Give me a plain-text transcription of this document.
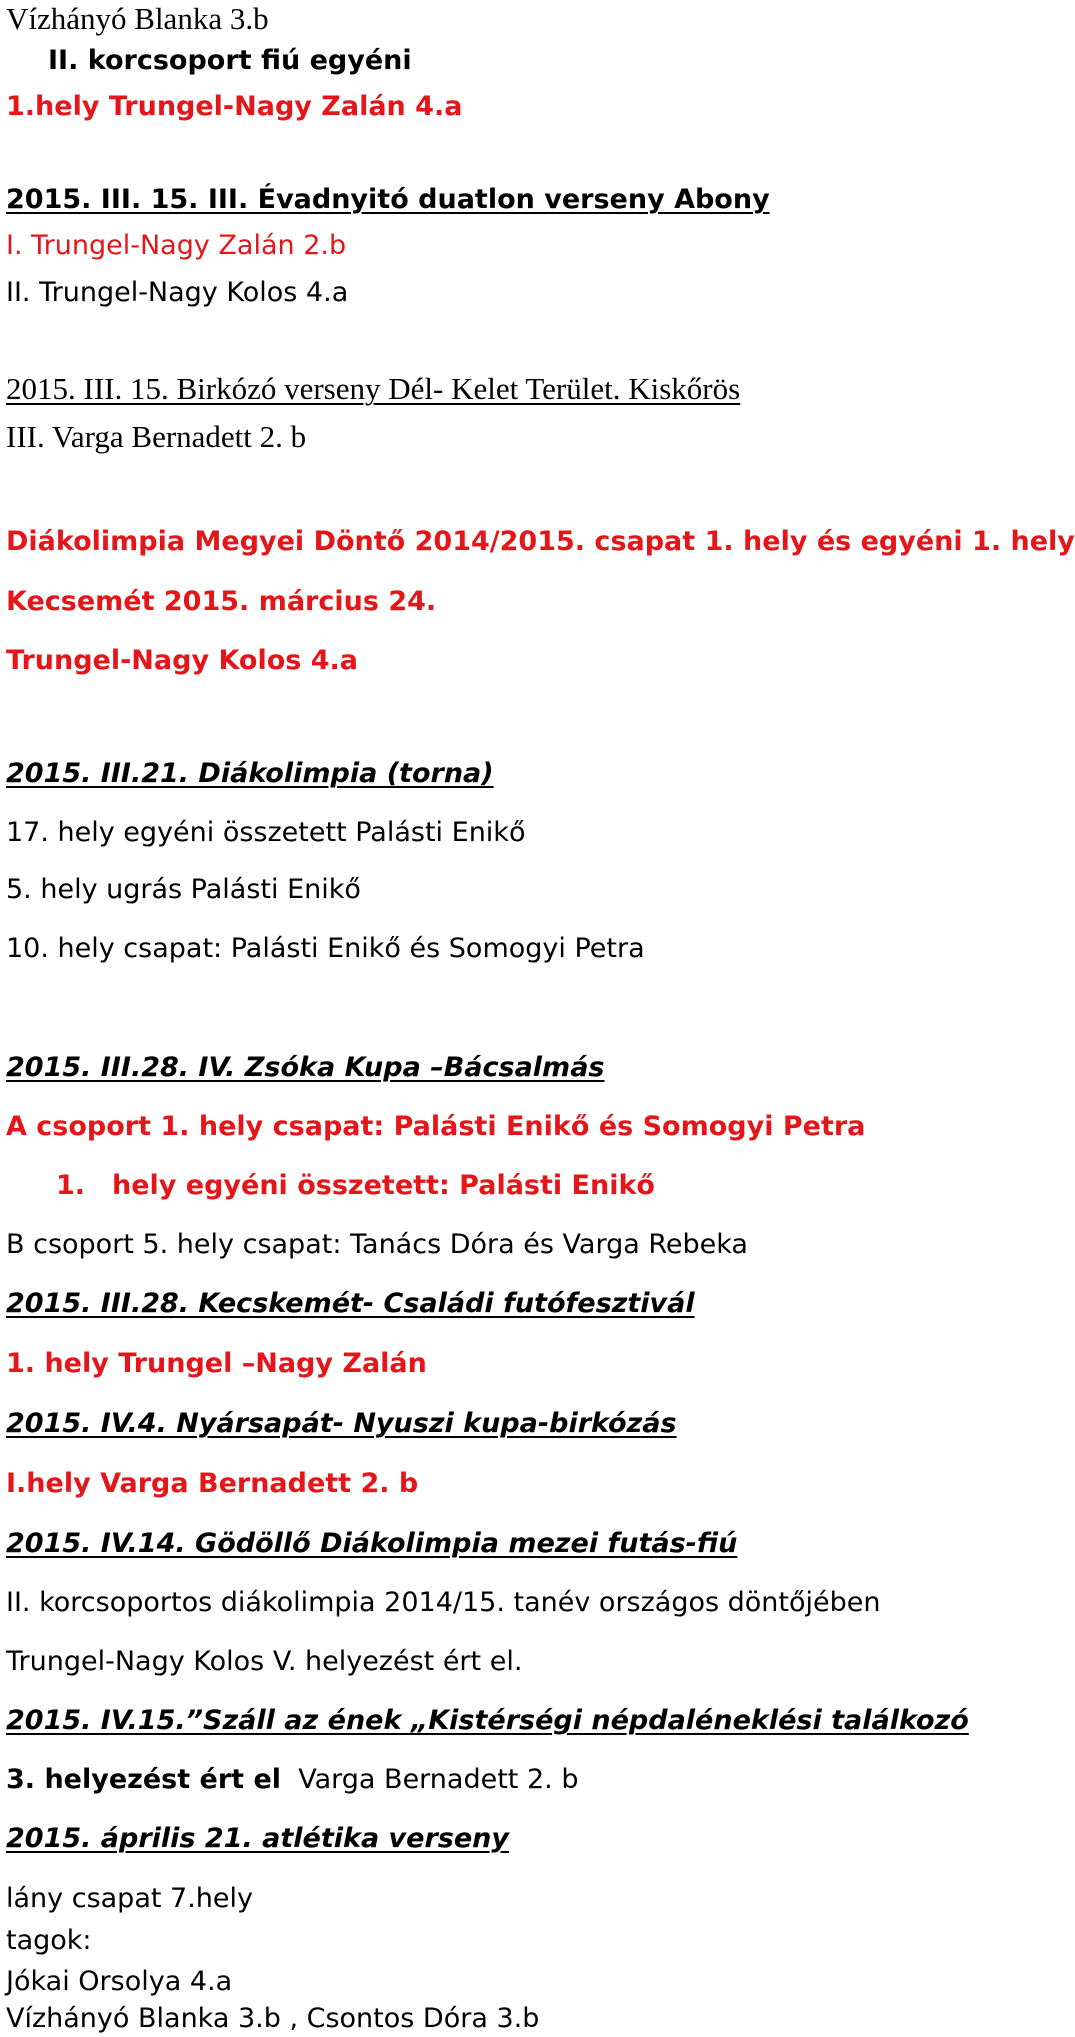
Vízhányó Blanka 3.b
II. korcsoport fiú egyéni
1.hely Trungel-Nagy Zalán 4.a
2015. III. 15. III. Évadnyitó duatlon verseny Abony
I. Trungel-Nagy Zalán 2.b
II. Trungel-Nagy Kolos 4.a
2015. III. 15. Birkózó verseny Dél- Kelet Terület. Kiskőrös
III. Varga Bernadett 2. b
Diákolimpia Megyei Döntő 2014/2015. csapat 1. hely és egyéni 1. hely
Kecsemét 2015. március 24.
Trungel-Nagy Kolos 4.a
2015. III.21. Diákolimpia (torna)
17. hely egyéni összetett Palásti Enikő
5. hely ugrás Palásti Enikő
10. hely csapat: Palásti Enikő és Somogyi Petra
2015. III.28. IV. Zsóka Kupa –Bácsalmás
A csoport 1. hely csapat: Palásti Enikő és Somogyi Petra
1. hely egyéni összetett: Palásti Enikő
B csoport 5. hely csapat: Tanács Dóra és Varga Rebeka
2015. III.28. Kecskemét- Családi futófesztivál
1. hely Trungel –Nagy Zalán
2015. IV.4. Nyársapát- Nyuszi kupa-birkózás
I.hely Varga Bernadett 2. b
2015. IV.14. Gödöllő Diákolimpia mezei futás-fiú
II. korcsoportos diákolimpia 2014/15. tanév országos döntőjében
Trungel-Nagy Kolos V. helyezést ért el.
2015. IV.15.”Száll az ének „Kistérségi népdaléneklési találkozó
3. helyezést ért el Varga Bernadett 2. b
2015. április 21. atlétika verseny
lány csapat 7.hely
tagok:
Jókai Orsolya 4.a
Vízhányó Blanka 3.b , Csontos Dóra 3.b
